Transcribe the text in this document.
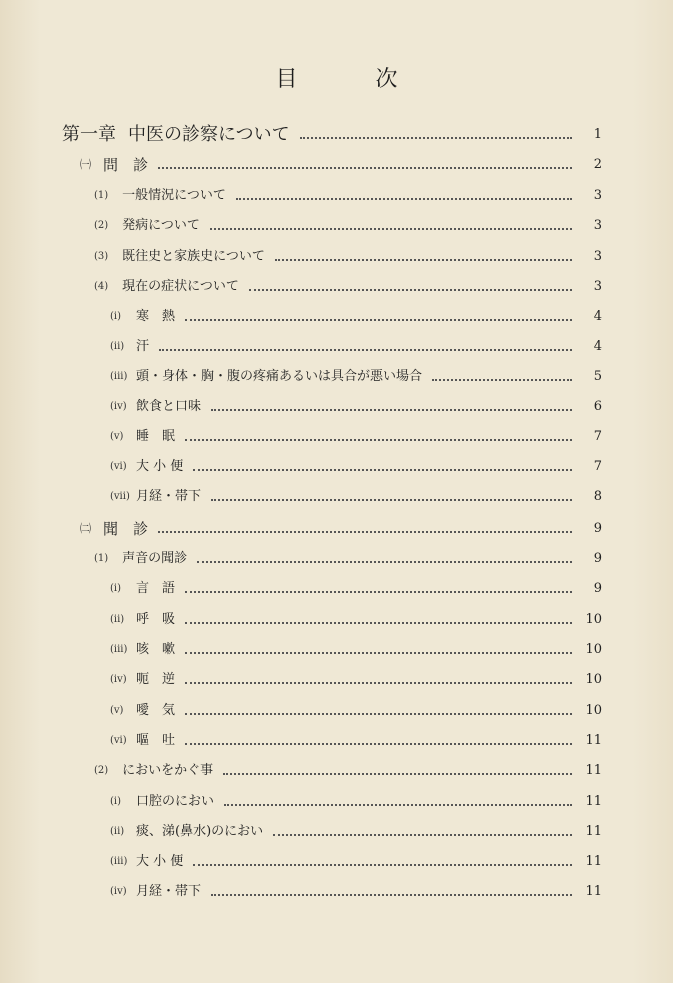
目　次
第一章 中医の診察について	1
㈠ 問　診	2
(1) 一般情況について	3
(2) 発病について	3
(3) 既往史と家族史について	3
(4) 現在の症状について	3
(i)	寒　熱	4
(ii) 汗	4
(iii) 頭・身体・胸・腹の疼痛あるいは具合が悪い場合	5
(iv) 飲食と口味	6
(v) 睡　眠	7
(vi) 大 小 便	7
(vii) 月経・帯下	8
㈡ 聞　診	9
(1) 声音の聞診	9
(i)	言　語	9
(ii) 呼　吸	10
(iii) 咳　嗽	10
(iv) 呃　逆	10
(v) 噯　気	10
(vi) 嘔　吐	11
(2) においをかぐ事	11
(i)	口腔のにおい	11
(ii) 痰、涕(鼻水)のにおい	11
(iii) 大 小 便	11
(iv) 月経・帯下	11
